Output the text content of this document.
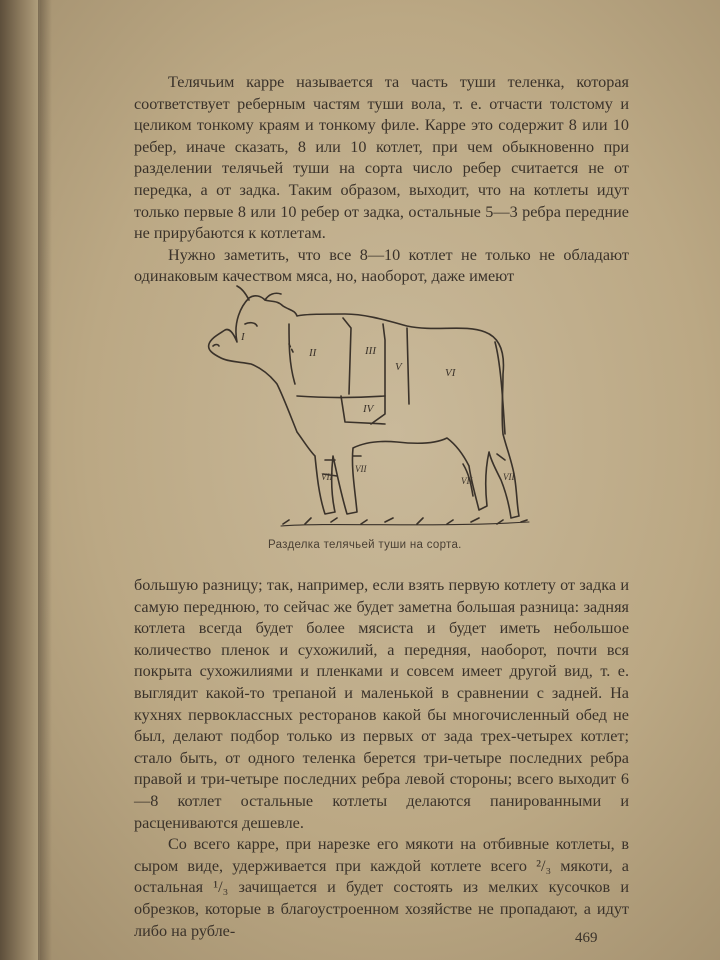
Телячьим карре называется та часть туши теленка, которая соответствует реберным частям туши вола, т. е. отчасти толстому и целиком тонкому краям и тонкому филе. Карре это содержит 8 или 10 ребер, иначе сказать, 8 или 10 котлет, при чем обыкновенно при разделении телячьей туши на сорта число ребер считается не от передка, а от задка. Таким образом, выходит, что на котлеты идут только первые 8 или 10 ребер от задка, остальные 5—3 ребра передние не прирубаются к котлетам.

Нужно заметить, что все 8—10 котлет не только не обладают одинаковым качеством мяса, но, наоборот, даже имеют

I
II	III
V	VI
IV
VII
VII
VII	VII
Разделка телячьей туши на сорта.

большую разницу; так, например, если взять первую котлету от задка и самую переднюю, то сейчас же будет заметна большая разница: задняя котлета всегда будет более мясиста и будет иметь небольшое количество пленок и сухожилий, а передняя, наоборот, почти вся покрыта сухожилиями и пленками и совсем имеет другой вид, т. е. выглядит какой-то трепаной и маленькой в сравнении с задней. На кухнях первоклассных ресторанов какой бы многочисленный обед не был, делают подбор только из первых от зада трех-четырех котлет; стало быть, от одного теленка берется три-четыре последних ребра правой и три-четыре последних ребра левой стороны; всего выходит 6—8 котлет остальные котлеты делаются панированными и расцениваются дешевле.

Со всего карре, при нарезке его мякоти на отбивные котлеты, в сыром виде, удерживается при каждой котлете всего ²/₃ мякоти, а остальная ¹/₃ зачищается и будет состоять из мелких кусочков и обрезков, которые в благоустроенном хозяйстве не пропадают, а идут либо на рубле-	469
